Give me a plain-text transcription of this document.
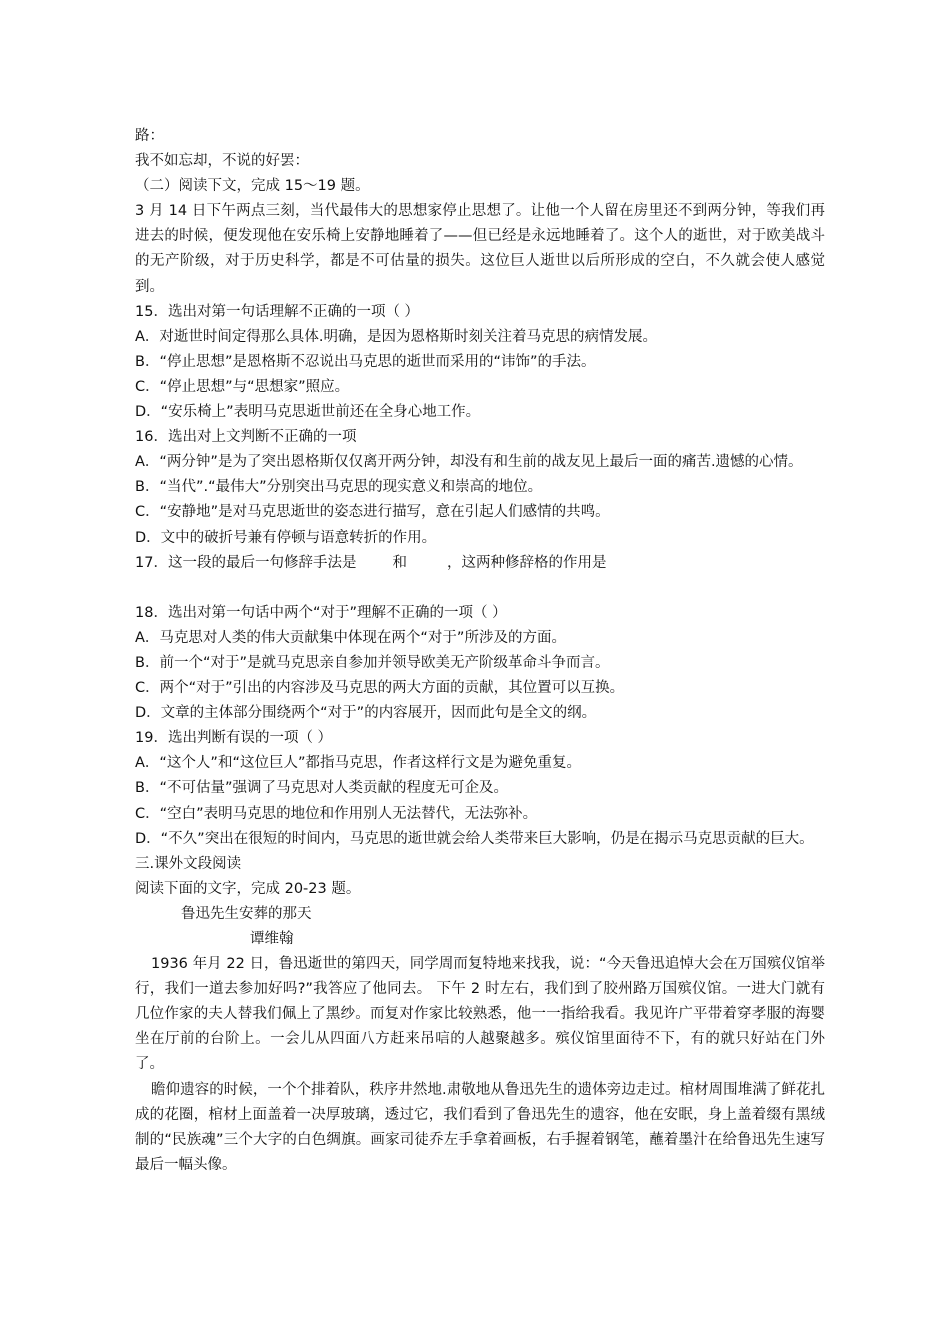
路：
我不如忘却，不说的好罢：
（二）阅读下文，完成 15～19 题。
3 月 14 日下午两点三刻，当代最伟大的思想家停止思想了。让他一个人留在房里还不到两分钟，等我们再进去的时候，便发现他在安乐椅上安静地睡着了——但已经是永远地睡着了。这个人的逝世，对于欧美战斗的无产阶级，对于历史科学，都是不可估量的损失。这位巨人逝世以后所形成的空白，不久就会使人感觉到。
15．选出对第一句话理解不正确的一项（ ）
A．对逝世时间定得那么具体.明确，是因为恩格斯时刻关注着马克思的病情发展。
B．“停止思想”是恩格斯不忍说出马克思的逝世而采用的“讳饰”的手法。
C．“停止思想”与“思想家”照应。
D．“安乐椅上”表明马克思逝世前还在全身心地工作。
16．选出对上文判断不正确的一项
A．“两分钟”是为了突出恩格斯仅仅离开两分钟，却没有和生前的战友见上最后一面的痛苦.遗憾的心情。
B．“当代”.“最伟大”分别突出马克思的现实意义和崇高的地位。
C．“安静地”是对马克思逝世的姿态进行描写，意在引起人们感情的共鸣。
D．文中的破折号兼有停顿与语意转折的作用。
17．这一段的最后一句修辞手法是 和	，这两种修辞格的作用是
18．选出对第一句话中两个“对于”理解不正确的一项（ ）
A．马克思对人类的伟大贡献集中体现在两个“对于”所涉及的方面。
B．前一个“对于”是就马克思亲自参加并领导欧美无产阶级革命斗争而言。
C．两个“对于”引出的内容涉及马克思的两大方面的贡献，其位置可以互换。
D．文章的主体部分围绕两个“对于”的内容展开，因而此句是全文的纲。
19．选出判断有误的一项（ ）
A．“这个人”和“这位巨人”都指马克思，作者这样行文是为避免重复。
B．“不可估量”强调了马克思对人类贡献的程度无可企及。
C．“空白”表明马克思的地位和作用别人无法替代，无法弥补。
D．“不久”突出在很短的时间内，马克思的逝世就会给人类带来巨大影响，仍是在揭示马克思贡献的巨大。
三.课外文段阅读
阅读下面的文字，完成 20-23 题。
鲁迅先生安葬的那天
谭维翰
1936 年月 22 日，鲁迅逝世的第四天，同学周而复特地来找我，说：“今天鲁迅追悼大会在万国殡仪馆举行，我们一道去参加好吗?”我答应了他同去。 下午 2 时左右，我们到了胶州路万国殡仪馆。一进大门就有几位作家的夫人替我们佩上了黑纱。而复对作家比较熟悉，他一一指给我看。我见许广平带着穿孝服的海婴坐在厅前的台阶上。一会儿从四面八方赶来吊唁的人越聚越多。殡仪馆里面待不下，有的就只好站在门外了。
瞻仰遗容的时候，一个个排着队，秩序井然地.肃敬地从鲁迅先生的遗体旁边走过。棺材周围堆满了鲜花扎成的花圈，棺材上面盖着一决厚玻璃，透过它，我们看到了鲁迅先生的遗容，他在安眠，身上盖着缀有黑绒制的“民族魂”三个大字的白色绸旗。画家司徒乔左手拿着画板，右手握着钢笔，蘸着墨汁在给鲁迅先生速写最后一幅头像。
